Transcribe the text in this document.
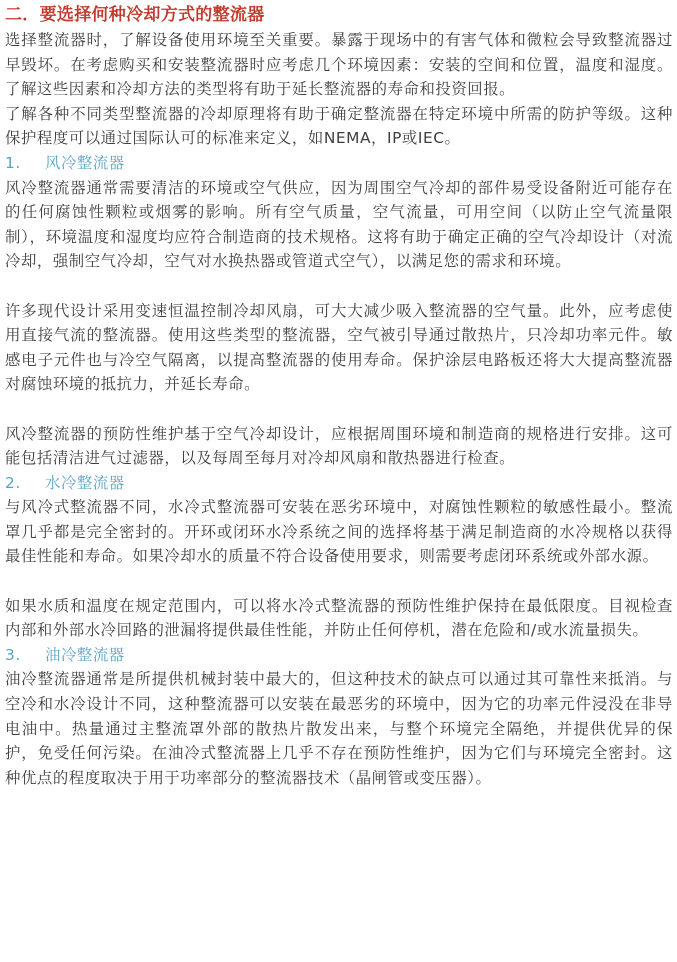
二．要选择何种冷却方式的整流器

选择整流器时，了解设备使用环境至关重要。暴露于现场中的有害气体和微粒会导致整流器过早毁坏。在考虑购买和安装整流器时应考虑几个环境因素：安装的空间和位置，温度和湿度。了解这些因素和冷却方法的类型将有助于延长整流器的寿命和投资回报。

了解各种不同类型整流器的冷却原理将有助于确定整流器在特定环境中所需的防护等级。这种保护程度可以通过国际认可的标准来定义，如NEMA，IP或IEC。

1. 风冷整流器

风冷整流器通常需要清洁的环境或空气供应，因为周围空气冷却的部件易受设备附近可能存在的任何腐蚀性颗粒或烟雾的影响。所有空气质量，空气流量，可用空间（以防止空气流量限制），环境温度和湿度均应符合制造商的技术规格。这将有助于确定正确的空气冷却设计（对流冷却，强制空气冷却，空气对水换热器或管道式空气），以满足您的需求和环境。

许多现代设计采用变速恒温控制冷却风扇，可大大减少吸入整流器的空气量。此外，应考虑使用直接气流的整流器。使用这些类型的整流器，空气被引导通过散热片，只冷却功率元件。敏感电子元件也与冷空气隔离，以提高整流器的使用寿命。保护涂层电路板还将大大提高整流器对腐蚀环境的抵抗力，并延长寿命。

风冷整流器的预防性维护基于空气冷却设计，应根据周围环境和制造商的规格进行安排。这可能包括清洁进气过滤器，以及每周至每月对冷却风扇和散热器进行检查。

2. 水冷整流器

与风冷式整流器不同，水冷式整流器可安装在恶劣环境中，对腐蚀性颗粒的敏感性最小。整流罩几乎都是完全密封的。开环或闭环水冷系统之间的选择将基于满足制造商的水冷规格以获得最佳性能和寿命。如果冷却水的质量不符合设备使用要求，则需要考虑闭环系统或外部水源。

如果水质和温度在规定范围内，可以将水冷式整流器的预防性维护保持在最低限度。目视检查内部和外部水冷回路的泄漏将提供最佳性能，并防止任何停机，潜在危险和/或水流量损失。

3. 油冷整流器

油冷整流器通常是所提供机械封装中最大的，但这种技术的缺点可以通过其可靠性来抵消。与空冷和水冷设计不同，这种整流器可以安装在最恶劣的环境中，因为它的功率元件浸没在非导电油中。热量通过主整流罩外部的散热片散发出来，与整个环境完全隔绝，并提供优异的保护，免受任何污染。在油冷式整流器上几乎不存在预防性维护，因为它们与环境完全密封。这种优点的程度取决于用于功率部分的整流器技术（晶闸管或变压器）。
